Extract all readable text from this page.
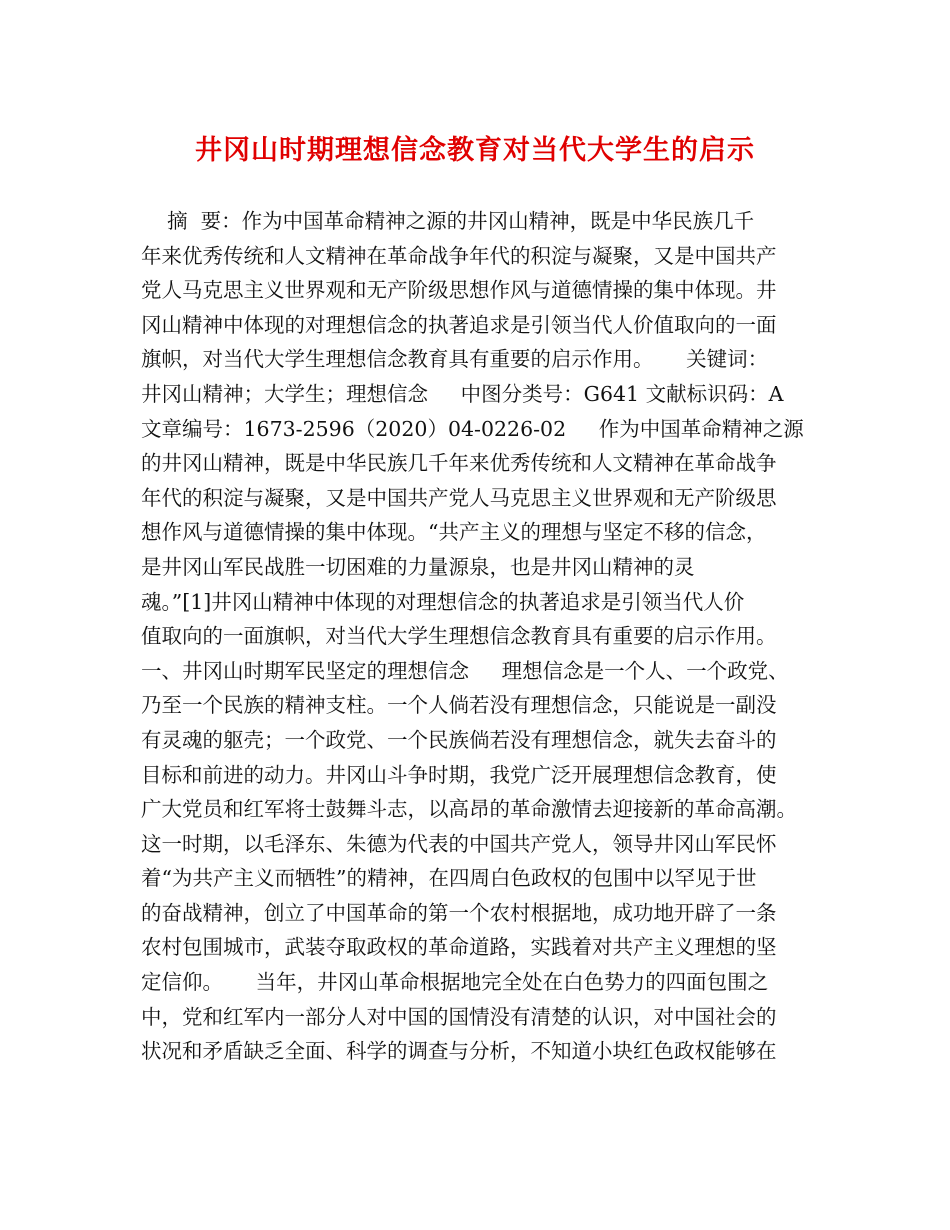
井冈山时期理想信念教育对当代大学生的启示
摘  要：作为中国革命精神之源的井冈山精神，既是中华民族几千
年来优秀传统和人文精神在革命战争年代的积淀与凝聚，又是中国共产
党人马克思主义世界观和无产阶级思想作风与道德情操的集中体现。井
冈山精神中体现的对理想信念的执著追求是引领当代人价值取向的一面
旗帜，对当代大学生理想信念教育具有重要的启示作用。     关键词：
井冈山精神；大学生；理想信念     中图分类号：G641 文献标识码：A
文章编号：1673-2596（2020）04-0226-02     作为中国革命精神之源
的井冈山精神，既是中华民族几千年来优秀传统和人文精神在革命战争
年代的积淀与凝聚，又是中国共产党人马克思主义世界观和无产阶级思
想作风与道德情操的集中体现。“共产主义的理想与坚定不移的信念，
是井冈山军民战胜一切困难的力量源泉，也是井冈山精神的灵
魂。”[1]井冈山精神中体现的对理想信念的执著追求是引领当代人价
值取向的一面旗帜，对当代大学生理想信念教育具有重要的启示作用。
一、井冈山时期军民坚定的理想信念     理想信念是一个人、一个政党、
乃至一个民族的精神支柱。一个人倘若没有理想信念，只能说是一副没
有灵魂的躯壳；一个政党、一个民族倘若没有理想信念，就失去奋斗的
目标和前进的动力。井冈山斗争时期，我党广泛开展理想信念教育，使
广大党员和红军将士鼓舞斗志，以高昂的革命激情去迎接新的革命高潮。
这一时期，以毛泽东、朱德为代表的中国共产党人，领导井冈山军民怀
着“为共产主义而牺牲”的精神，在四周白色政权的包围中以罕见于世
的奋战精神，创立了中国革命的第一个农村根据地，成功地开辟了一条
农村包围城市，武装夺取政权的革命道路，实践着对共产主义理想的坚
定信仰。     当年，井冈山革命根据地完全处在白色势力的四面包围之
中，党和红军内一部分人对中国的国情没有清楚的认识，对中国社会的
状况和矛盾缺乏全面、科学的调查与分析，不知道小块红色政权能够在
